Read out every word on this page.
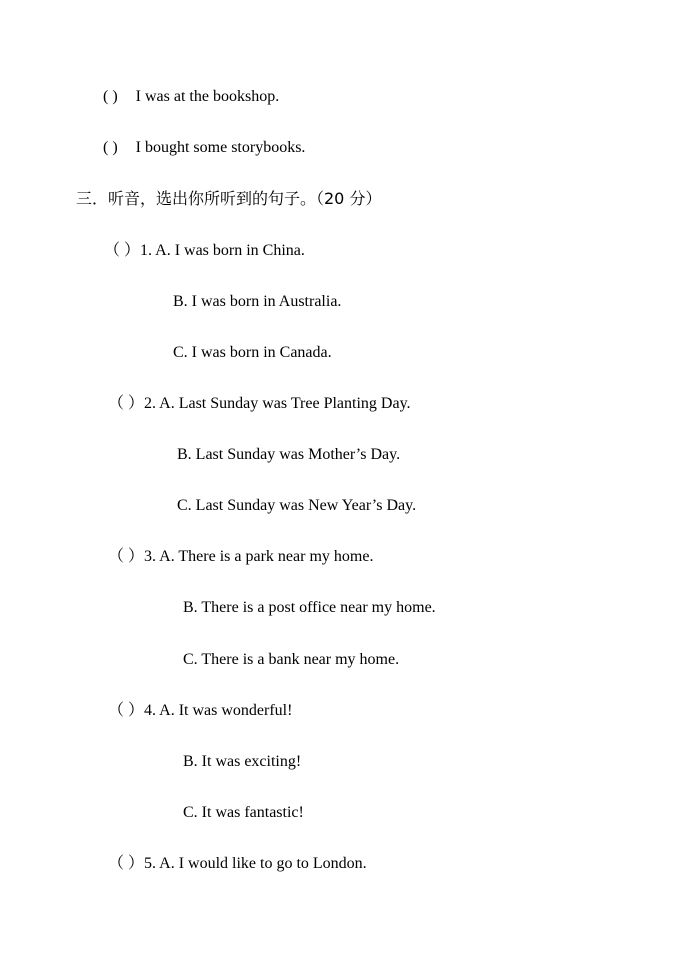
( ) I was at the bookshop.
( ) I bought some storybooks.
三．听音，选出你所听到的句子。（20 分）
（ ）1. A. I was born in China.
B. I was born in Australia.
C. I was born in Canada.
（ ）2. A. Last Sunday was Tree Planting Day.
B. Last Sunday was Mother’s Day.
C. Last Sunday was New Year’s Day.
（ ）3. A. There is a park near my home.
B. There is a post office near my home.
C. There is a bank near my home.
（ ）4. A. It was wonderful!
B. It was exciting!
C. It was fantastic!
（ ）5. A. I would like to go to London.
